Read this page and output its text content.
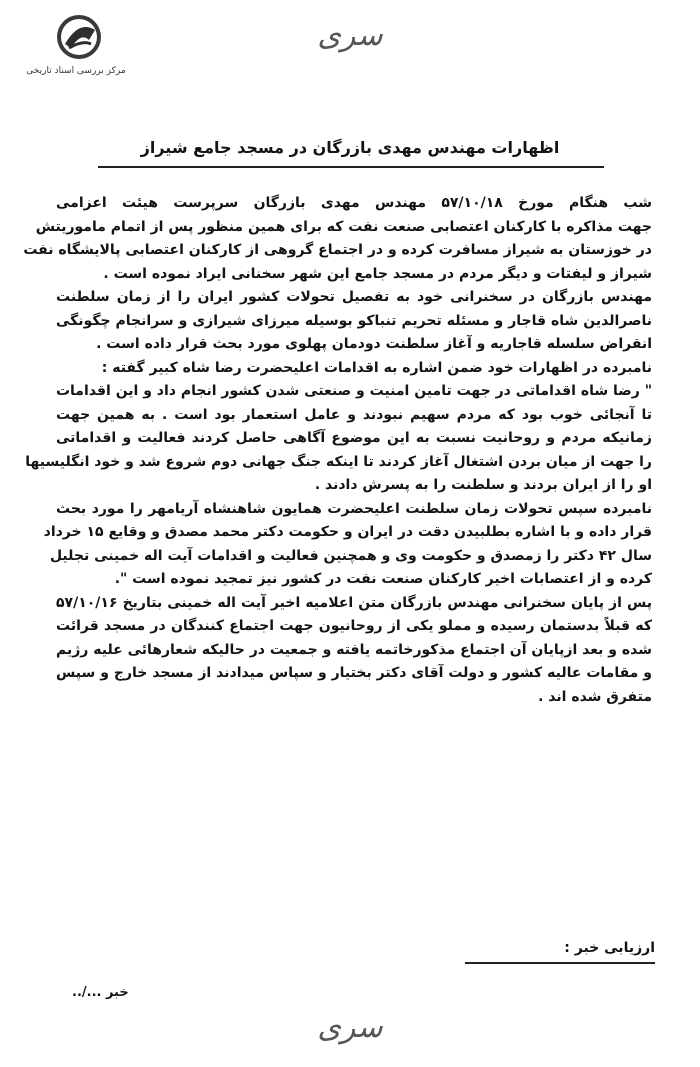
مرکز بررسی اسناد تاریخی
سری
اظهارات مهندس مهدی بازرگان در مسجد جامع شیراز
شب هنگام مورخ ۵۷/۱۰/۱۸ مهندس مهدی بازرگان سرپرست هیئت اعزامی
جهت مذاکره با کارکنان اعتصابی صنعت نفت که برای همین منظور پس از اتمام ماموریتش
در خوزستان به شیراز مسافرت کرده و در اجتماع گروهی از کارکنان اعتصابی پالایشگاه نفت
شیراز و لیفتات و دیگر مردم در مسجد جامع این شهر سخنانی ایراد نموده است .
مهندس بازرگان در سخنرانی خود به تفصیل تحولات کشور ایران را از زمان سلطنت
ناصرالدین شاه قاجار و مسئله تحریم تنباکو بوسیله میرزای شیرازی و سرانجام چگونگی
انقراض سلسله قاجاریه و آغاز سلطنت دودمان پهلوی مورد بحث قرار داده است .
نامبرده در اظهارات خود ضمن اشاره به اقدامات اعلیحضرت رضا شاه کبیر گفته :
" رضا شاه اقداماتی در جهت تامین امنیت و صنعتی شدن کشور انجام داد و این اقدامات
تا آنجائی خوب بود که مردم سهیم نبودند و عامل استعمار بود است . به همین جهت
زمانیکه مردم و روحانیت نسبت به این موضوع آگاهی حاصل کردند فعالیت و اقداماتی
را جهت از میان بردن اشتغال آغاز کردند تا اینکه جنگ جهانی دوم شروع شد و خود انگلیسیها
او را از ایران بردند و سلطنت را به پسرش دادند .
نامبرده سپس تحولات زمان سلطنت اعلیحضرت همایون شاهنشاه آریامهر را مورد بحث
قرار داده و با اشاره بطلبیدن دقت در ایران و حکومت دکتر محمد مصدق و وقایع ۱۵ خرداد
سال ۴۲ دکتر را زمصدق و حکومت وی و همچنین فعالیت و اقدامات آیت اله خمینی تجلیل
کرده و از اعتصابات اخیر کارکنان صنعت نفت در کشور نیز تمجید نموده است ".
پس از پایان سخنرانی مهندس بازرگان متن اعلامیه اخیر آیت اله خمینی بتاریخ ۵۷/۱۰/۱۶
که قبلاً بدستمان رسیده و مملو یکی از روحانیون جهت اجتماع کنندگان در مسجد قرائت
شده و بعد ازپایان آن اجتماع مذکورخاتمه یافته و جمعیت در حالیکه شعارهائی علیه رژیم
و مقامات عالیه کشور و دولت آقای دکتر بختیار و سپاس میدادند از مسجد خارج و سپس
متفرق شده اند .
ارزیابی خبر :
خبر .../..
سری
